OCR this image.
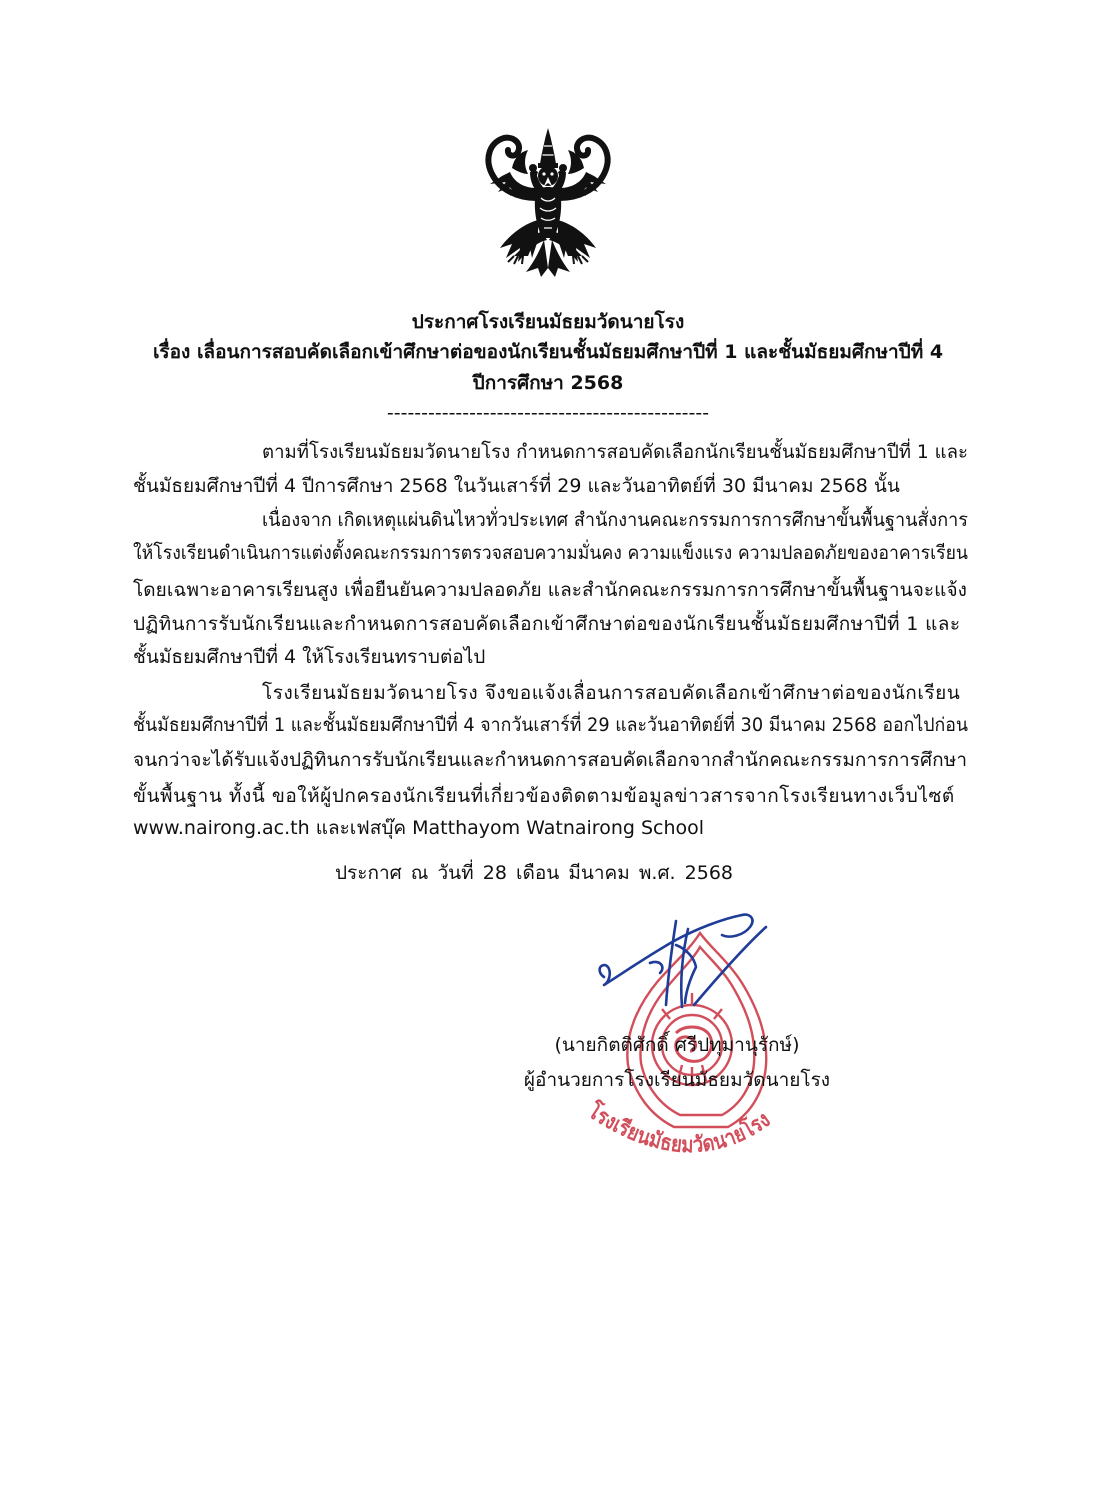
ประกาศโรงเรียนมัธยมวัดนายโรง
เรื่อง เลื่อนการสอบคัดเลือกเข้าศึกษาต่อของนักเรียนชั้นมัธยมศึกษาปีที่ 1 และชั้นมัธยมศึกษาปีที่ 4
ปีการศึกษา 2568
-----------------------------------------------
ตามที่โรงเรียนมัธยมวัดนายโรง กำหนดการสอบคัดเลือกนักเรียนชั้นมัธยมศึกษาปีที่ 1 และ
ชั้นมัธยมศึกษาปีที่ 4 ปีการศึกษา 2568 ในวันเสาร์ที่ 29 และวันอาทิตย์ที่ 30 มีนาคม 2568 นั้น
เนื่องจาก เกิดเหตุแผ่นดินไหวทั่วประเทศ สำนักงานคณะกรรมการการศึกษาขั้นพื้นฐานสั่งการ
ให้โรงเรียนดำเนินการแต่งตั้งคณะกรรมการตรวจสอบความมั่นคง ความแข็งแรง ความปลอดภัยของอาคารเรียน
โดยเฉพาะอาคารเรียนสูง เพื่อยืนยันความปลอดภัย และสำนักคณะกรรมการการศึกษาขั้นพื้นฐานจะแจ้ง
ปฏิทินการรับนักเรียนและกำหนดการสอบคัดเลือกเข้าศึกษาต่อของนักเรียนชั้นมัธยมศึกษาปีที่ 1 และ
ชั้นมัธยมศึกษาปีที่ 4 ให้โรงเรียนทราบต่อไป
โรงเรียนมัธยมวัดนายโรง จึงขอแจ้งเลื่อนการสอบคัดเลือกเข้าศึกษาต่อของนักเรียน
ชั้นมัธยมศึกษาปีที่ 1 และชั้นมัธยมศึกษาปีที่ 4 จากวันเสาร์ที่ 29 และวันอาทิตย์ที่ 30 มีนาคม 2568 ออกไปก่อน
จนกว่าจะได้รับแจ้งปฏิทินการรับนักเรียนและกำหนดการสอบคัดเลือกจากสำนักคณะกรรมการการศึกษา
ขั้นพื้นฐาน ทั้งนี้ ขอให้ผู้ปกครองนักเรียนที่เกี่ยวข้องติดตามข้อมูลข่าวสารจากโรงเรียนทางเว็บไซต์
www.nairong.ac.th และเฟสบุ๊ค Matthayom Watnairong School
ประกาศ ณ วันที่ 28 เดือน มีนาคม พ.ศ. 2568
โรงเรียนมัธยมวัดนายโรง
(นายกิตติศักดิ์ ศรีปทุมานุรักษ์)
ผู้อำนวยการโรงเรียนมัธยมวัดนายโรง
